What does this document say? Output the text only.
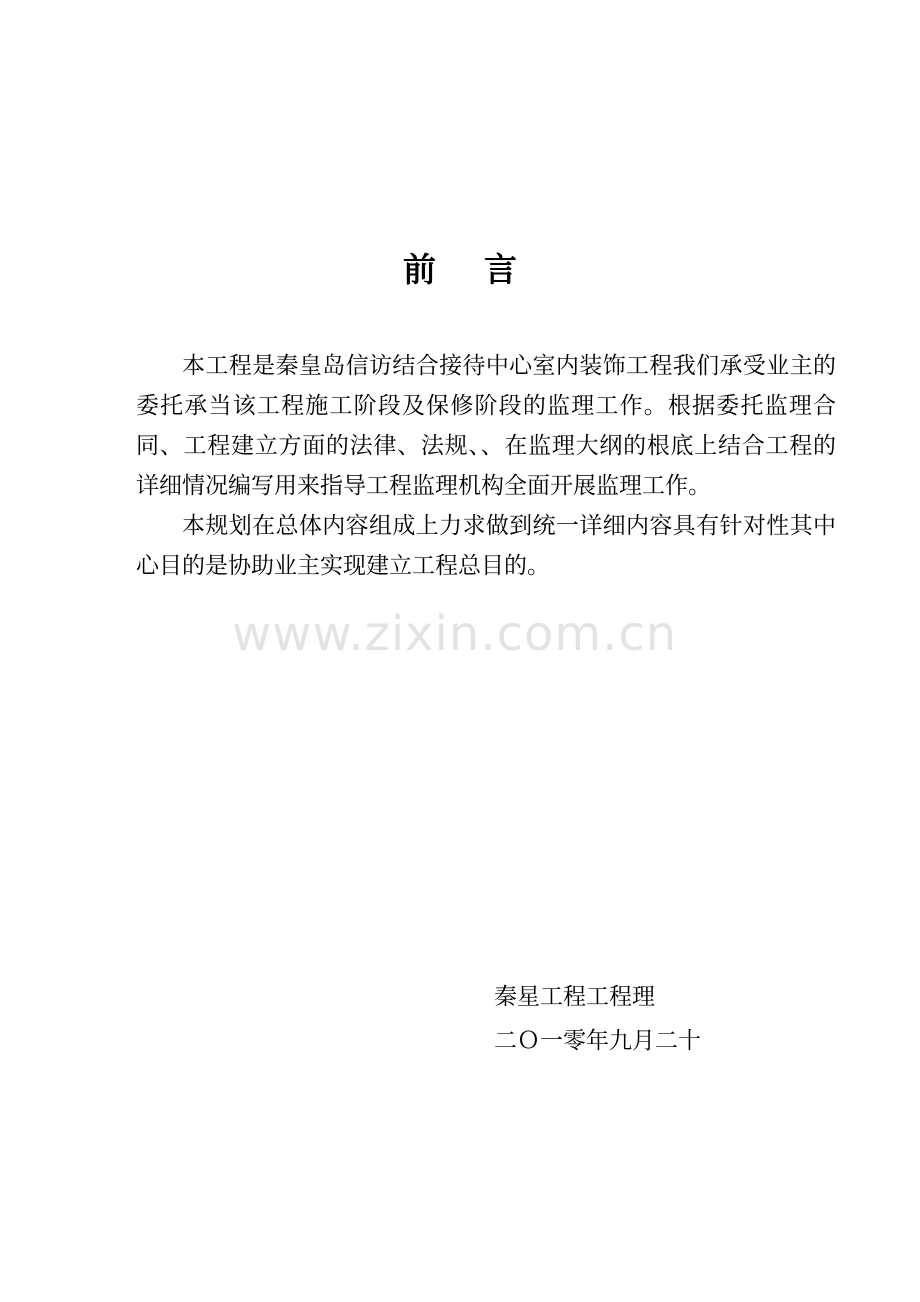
前言

本工程是秦皇岛信访结合接待中心室内装饰工程我们承受业主的委托承当该工程施工阶段及保修阶段的监理工作。根据委托监理合同、工程建立方面的法律、法规、、在监理大纲的根底上结合工程的详细情况编写用来指导工程监理机构全面开展监理工作。

本规划在总体内容组成上力求做到统一详细内容具有针对性其中心目的是协助业主实现建立工程总目的。

www.zixin.com.cn
秦星工程工程理
二Ｏ一零年九月二十
